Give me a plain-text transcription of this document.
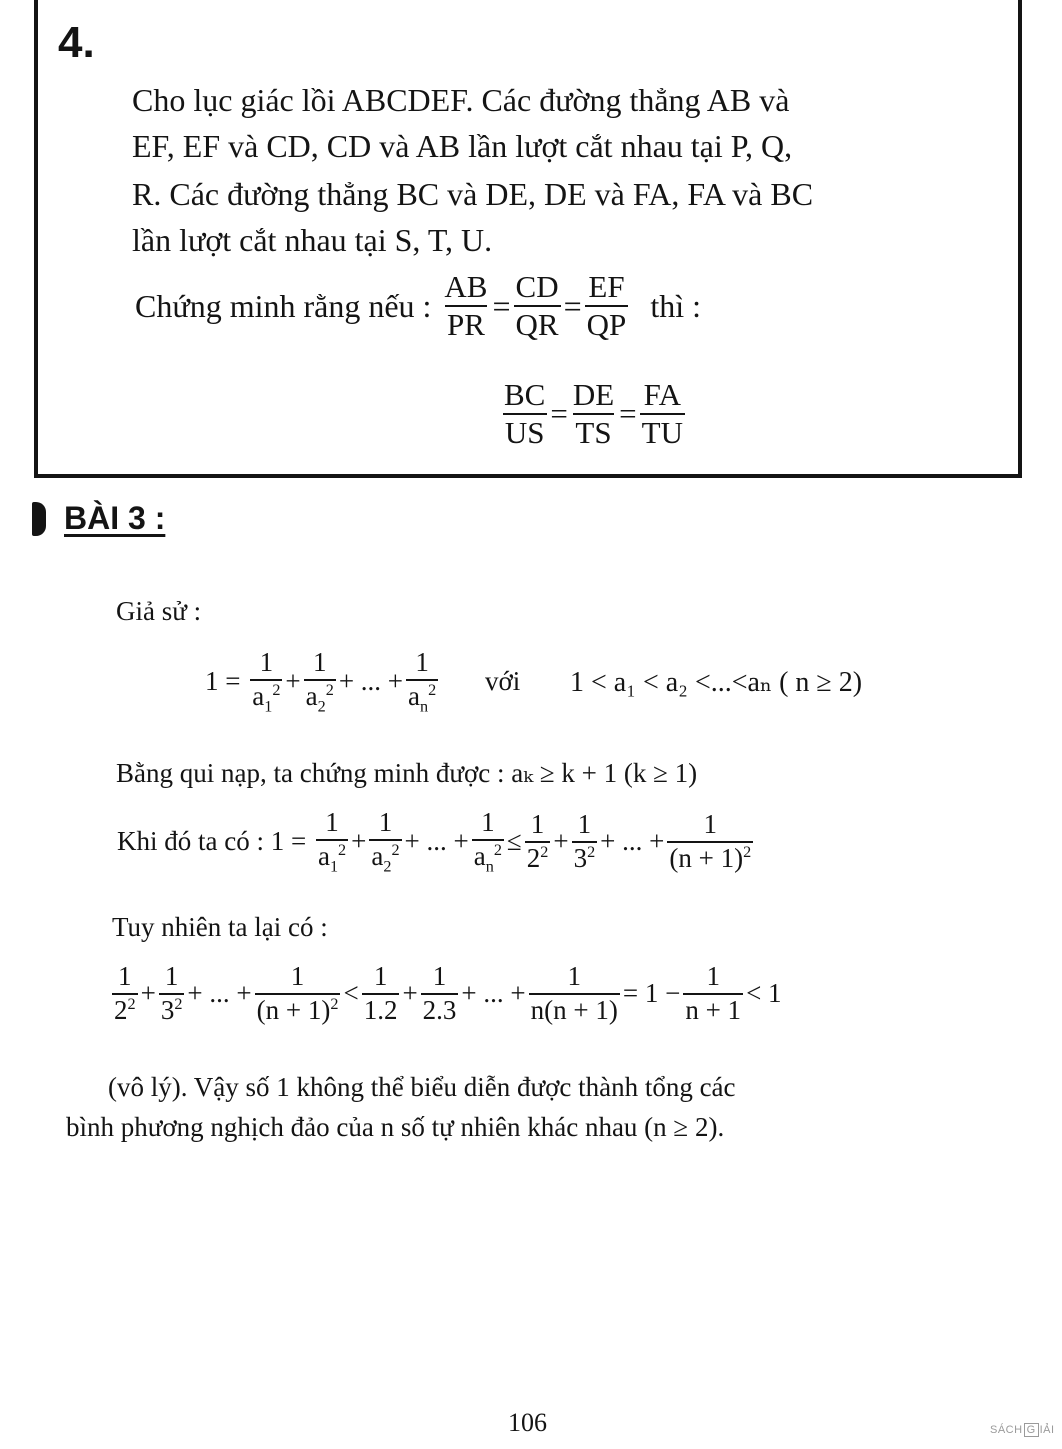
4.
Cho lục giác lồi ABCDEF. Các đường thẳng AB và
EF, EF và CD, CD và AB lần lượt cắt nhau tại P, Q,
R. Các đường thẳng BC và DE, DE và FA, FA và BC
lần lượt cắt nhau tại S, T, U.
Chứng minh rằng nếu : $\frac{AB}{PR} = \frac{CD}{QR} = \frac{EF}{QP}$ thì :
$\frac{BC}{US} = \frac{DE}{TS} = \frac{FA}{TU}$
BÀI 3 :
Giả sử :
$1 = \frac{1}{a_1^2} + \frac{1}{a_2^2}$ + ... + $\frac{1}{a_n^2}$ với 1 < a₁ < a₂ <...<aₙ ( n ≥ 2)
Bằng qui nạp, ta chứng minh được : aₖ ≥ k + 1 (k ≥ 1)
Khi đó ta có : $1 = \frac{1}{a_1^2} + \frac{1}{a_2^2}$ + ... + $\frac{1}{a_n^2} \le \frac{1}{2^2} + \frac{1}{3^2}$ + ... + $\frac{1}{(n + 1)^2}$
Tuy nhiên ta lại có :
$\frac{1}{2^2} + \frac{1}{3^2}$ + ... + $\frac{1}{(n + 1)^2} < \frac{1}{1.2} + \frac{1}{2.3}$ + ... + $\frac{1}{n(n + 1)} = 1 - \frac{1}{n + 1} < 1$
(vô lý). Vậy số 1 không thể biểu diễn được thành tổng các
bình phương nghịch đảo của n số tự nhiên khác nhau (n ≥ 2).
106	SÁCH G IẢI
